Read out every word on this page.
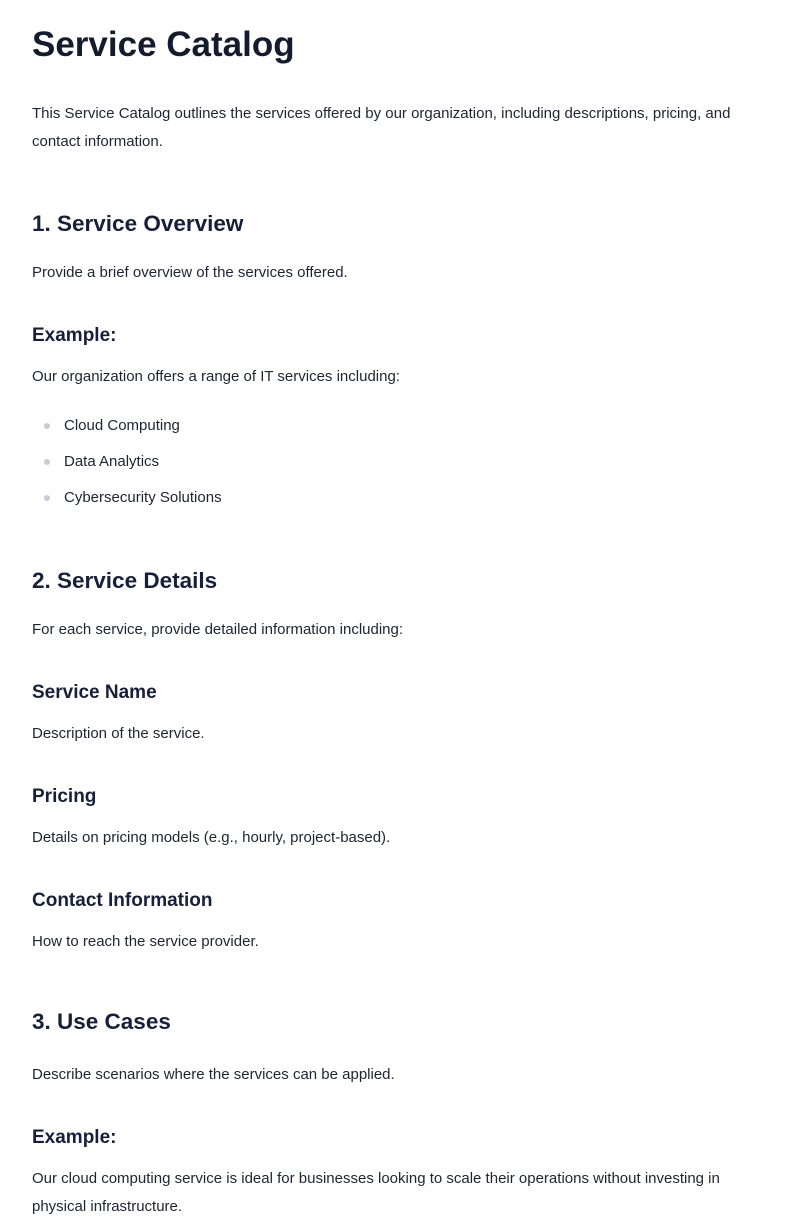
Service Catalog

This Service Catalog outlines the services offered by our organization, including descriptions, pricing, and contact information.

1. Service Overview

Provide a brief overview of the services offered.

Example:

Our organization offers a range of IT services including:

Cloud Computing
Data Analytics
Cybersecurity Solutions
2. Service Details

For each service, provide detailed information including:

Service Name

Description of the service.

Pricing

Details on pricing models (e.g., hourly, project-based).

Contact Information

How to reach the service provider.

3. Use Cases

Describe scenarios where the services can be applied.

Example:

Our cloud computing service is ideal for businesses looking to scale their operations without investing in physical infrastructure.
